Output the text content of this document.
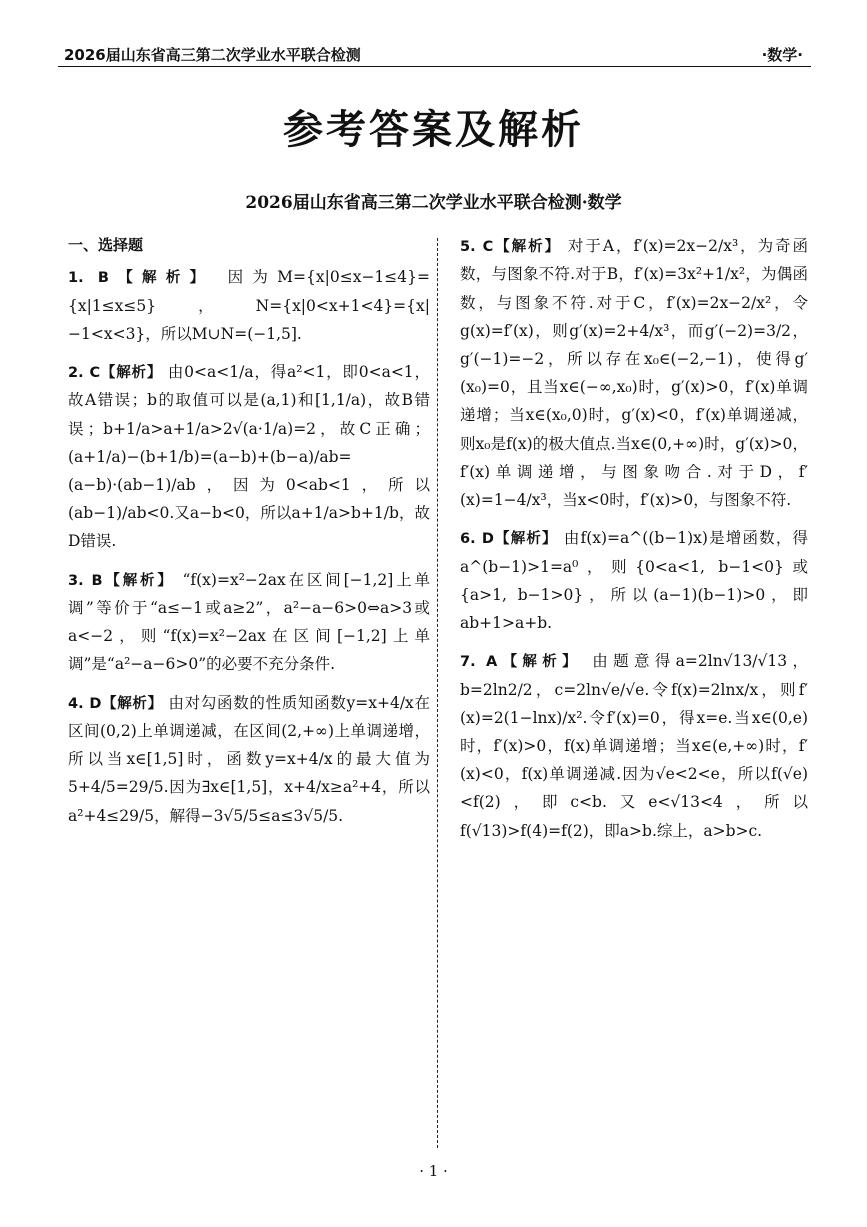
2026届山东省高三第二次学业水平联合检测	·数学·
参考答案及解析
2026届山东省高三第二次学业水平联合检测·数学
一、选择题
1. B【解析】 因为M={x|0≤x−1≤4}={x|1≤x≤5}，N={x|0<x+1<4}={x|−1<x<3}，所以M∪N=(−1,5].
2. C【解析】 由0<a<1/a，得a²<1，即0<a<1，故A错误；b的取值可以是(a,1)和[1,1/a)，故B错误；b+1/a>a+1/a>2√(a·1/a)=2，故C正确；(a+1/a)−(b+1/b)=(a−b)+(b−a)/ab=(a−b)·(ab−1)/ab，因为0<ab<1，所以(ab−1)/ab<0.又a−b<0，所以a+1/a>b+1/b，故D错误.
3. B【解析】 “f(x)=x²−2ax在区间[−1,2]上单调”等价于“a≤−1或a≥2”，a²−a−6>0⇔a>3或a<−2，则“f(x)=x²−2ax在区间[−1,2]上单调”是“a²−a−6>0”的必要不充分条件.
4. D【解析】 由对勾函数的性质知函数y=x+4/x在区间(0,2)上单调递减，在区间(2,+∞)上单调递增，所以当x∈[1,5]时，函数y=x+4/x的最大值为5+4/5=29/5.因为∃x∈[1,5]，x+4/x≥a²+4，所以a²+4≤29/5，解得−3√5/5≤a≤3√5/5.
5. C【解析】 对于A，f′(x)=2x−2/x³，为奇函数，与图象不符.对于B，f′(x)=3x²+1/x²，为偶函数，与图象不符.对于C，f′(x)=2x−2/x²，令g(x)=f′(x)，则g′(x)=2+4/x³，而g′(−2)=3/2，g′(−1)=−2，所以存在x₀∈(−2,−1)，使得g′(x₀)=0，且当x∈(−∞,x₀)时，g′(x)>0，f′(x)单调递增；当x∈(x₀,0)时，g′(x)<0，f′(x)单调递减，则x₀是f(x)的极大值点.当x∈(0,+∞)时，g′(x)>0，f′(x)单调递增，与图象吻合.对于D，f′(x)=1−4/x³，当x<0时，f′(x)>0，与图象不符.
6. D【解析】 由f(x)=a^((b−1)x)是增函数，得a^(b−1)>1=a⁰，则{0<a<1, b−1<0}或{a>1, b−1>0}，所以(a−1)(b−1)>0，即ab+1>a+b.
7. A【解析】 由题意得a=2ln√13/√13，b=2ln2/2，c=2ln√e/√e.令f(x)=2lnx/x，则f′(x)=2(1−lnx)/x².令f′(x)=0，得x=e.当x∈(0,e)时，f′(x)>0，f(x)单调递增；当x∈(e,+∞)时，f′(x)<0，f(x)单调递减.因为√e<2<e，所以f(√e)<f(2)，即c<b.又e<√13<4，所以f(√13)>f(4)=f(2)，即a>b.综上，a>b>c.
· 1 ·
